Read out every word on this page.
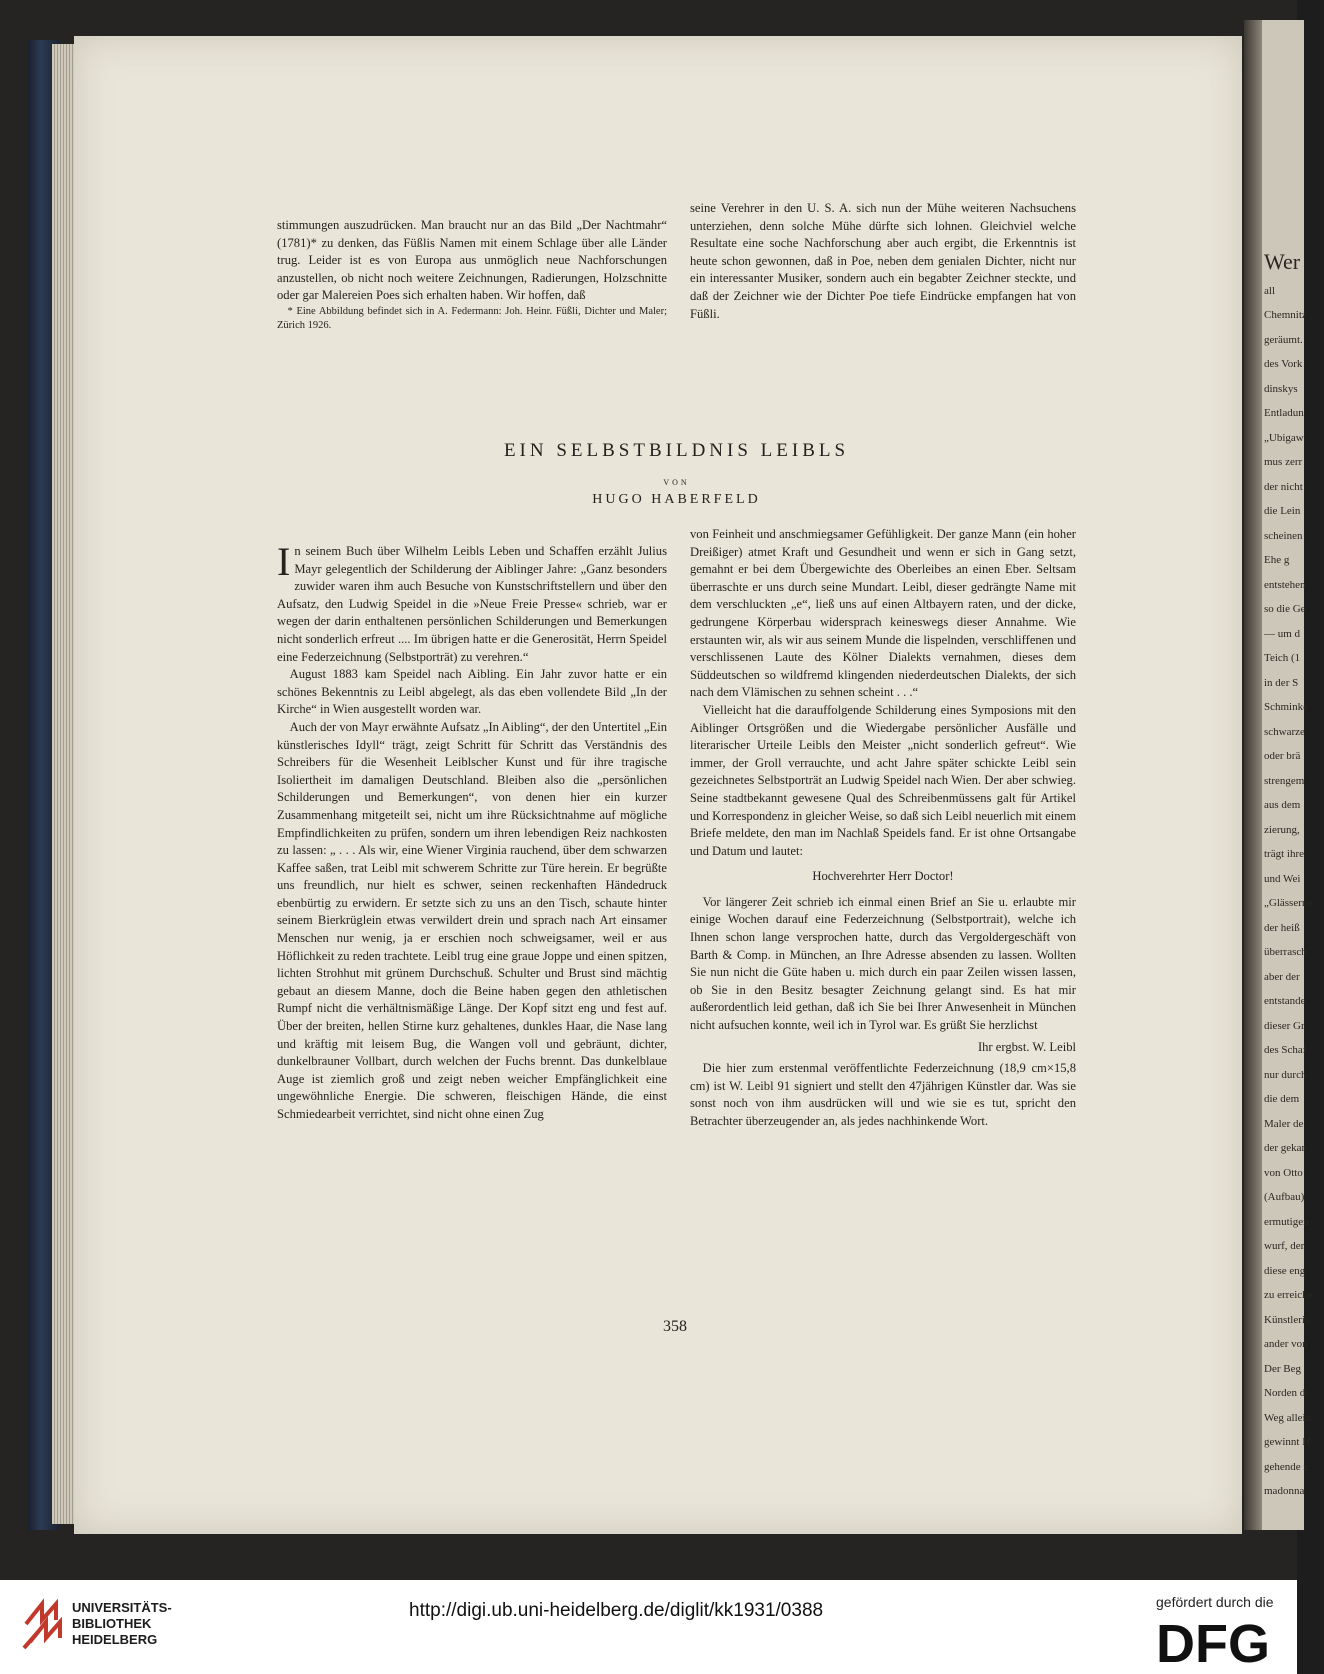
Wer
all
Chemnitz
geräumt.
des Vork
dinskys
Entladun
„Ubigaw
mus zerr
der nicht
die Lein
scheinen
Ehe g
entstehen
so die Ge
— um d
Teich (1
in der S
Schminke
schwarze
oder brä
strengem
aus dem
zierung,
trägt ihre
und Wei
„Glässerne
der heiß
überrasch
aber der
entstande
dieser Gr
des Schaf
nur durch
die dem
Maler de
der gekan
von Otto
(Aufbau)
ermutigen
wurf, der
diese eng
zu erreiche
Künstleris
ander von
Der Beg
Norden di
Weg allein
gewinnt H
gehende z
madonna

stimmungen auszudrücken. Man braucht nur an das Bild „Der Nachtmahr“ (1781)* zu denken, das Füßlis Namen mit einem Schlage über alle Länder trug. Leider ist es von Europa aus unmöglich neue Nachforschungen anzustellen, ob nicht noch weitere Zeichnungen, Radierungen, Holzschnitte oder gar Malereien Poes sich erhalten haben. Wir hoffen, daß

* Eine Abbildung befindet sich in A. Federmann: Joh. Heinr. Füßli, Dichter und Maler; Zürich 1926.

seine Verehrer in den U. S. A. sich nun der Mühe weiteren Nachsuchens unterziehen, denn solche Mühe dürfte sich lohnen. Gleichviel welche Resultate eine soche Nachforschung aber auch ergibt, die Erkenntnis ist heute schon gewonnen, daß in Poe, neben dem genialen Dichter, nicht nur ein interessanter Musiker, sondern auch ein begabter Zeichner steckte, und daß der Zeichner wie der Dichter Poe tiefe Eindrücke empfangen hat von Füßli.

EIN SELBSTBILDNIS LEIBLS
VON
HUGO HABERFELD

In seinem Buch über Wilhelm Leibls Leben und Schaffen erzählt Julius Mayr gelegentlich der Schilderung der Aiblinger Jahre: „Ganz besonders zuwider waren ihm auch Besuche von Kunstschriftstellern und über den Aufsatz, den Ludwig Speidel in die »Neue Freie Presse« schrieb, war er wegen der darin enthaltenen persönlichen Schilderungen und Bemerkungen nicht sonderlich erfreut .... Im übrigen hatte er die Generosität, Herrn Speidel eine Federzeichnung (Selbstporträt) zu verehren.“

August 1883 kam Speidel nach Aibling. Ein Jahr zuvor hatte er ein schönes Bekenntnis zu Leibl abgelegt, als das eben vollendete Bild „In der Kirche“ in Wien ausgestellt worden war.

Auch der von Mayr erwähnte Aufsatz „In Aibling“, der den Untertitel „Ein künstlerisches Idyll“ trägt, zeigt Schritt für Schritt das Verständnis des Schreibers für die Wesenheit Leiblscher Kunst und für ihre tragische Isoliertheit im damaligen Deutschland. Bleiben also die „persönlichen Schilderungen und Bemerkungen“, von denen hier ein kurzer Zusammenhang mitgeteilt sei, nicht um ihre Rücksichtnahme auf mögliche Empfindlichkeiten zu prüfen, sondern um ihren lebendigen Reiz nachkosten zu lassen: „ . . . Als wir, eine Wiener Virginia rauchend, über dem schwarzen Kaffee saßen, trat Leibl mit schwerem Schritte zur Türe herein. Er begrüßte uns freundlich, nur hielt es schwer, seinen reckenhaften Händedruck ebenbürtig zu erwidern. Er setzte sich zu uns an den Tisch, schaute hinter seinem Bierkrüglein etwas verwildert drein und sprach nach Art einsamer Menschen nur wenig, ja er erschien noch schweigsamer, weil er aus Höflichkeit zu reden trachtete. Leibl trug eine graue Joppe und einen spitzen, lichten Strohhut mit grünem Durchschuß. Schulter und Brust sind mächtig gebaut an diesem Manne, doch die Beine haben gegen den athletischen Rumpf nicht die verhältnismäßige Länge. Der Kopf sitzt eng und fest auf. Über der breiten, hellen Stirne kurz gehaltenes, dunkles Haar, die Nase lang und kräftig mit leisem Bug, die Wangen voll und gebräunt, dichter, dunkelbrauner Vollbart, durch welchen der Fuchs brennt. Das dunkelblaue Auge ist ziemlich groß und zeigt neben weicher Empfänglichkeit eine ungewöhnliche Energie. Die schweren, fleischigen Hände, die einst Schmiedearbeit verrichtet, sind nicht ohne einen Zug

von Feinheit und anschmiegsamer Gefühligkeit. Der ganze Mann (ein hoher Dreißiger) atmet Kraft und Gesundheit und wenn er sich in Gang setzt, gemahnt er bei dem Übergewichte des Oberleibes an einen Eber. Seltsam überraschte er uns durch seine Mundart. Leibl, dieser gedrängte Name mit dem verschluckten „e“, ließ uns auf einen Altbayern raten, und der dicke, gedrungene Körperbau widersprach keineswegs dieser Annahme. Wie erstaunten wir, als wir aus seinem Munde die lispelnden, verschliffenen und verschlissenen Laute des Kölner Dialekts vernahmen, dieses dem Süddeutschen so wildfremd klingenden niederdeutschen Dialekts, der sich nach dem Vlämischen zu sehnen scheint . . .“

Vielleicht hat die darauffolgende Schilderung eines Symposions mit den Aiblinger Ortsgrößen und die Wiedergabe persönlicher Ausfälle und literarischer Urteile Leibls den Meister „nicht sonderlich gefreut“. Wie immer, der Groll verrauchte, und acht Jahre später schickte Leibl sein gezeichnetes Selbstporträt an Ludwig Speidel nach Wien. Der aber schwieg. Seine stadtbekannt gewesene Qual des Schreibenmüssens galt für Artikel und Korrespondenz in gleicher Weise, so daß sich Leibl neuerlich mit einem Briefe meldete, den man im Nachlaß Speidels fand. Er ist ohne Ortsangabe und Datum und lautet:

Hochverehrter Herr Doctor!

Vor längerer Zeit schrieb ich einmal einen Brief an Sie u. erlaubte mir einige Wochen darauf eine Federzeichnung (Selbstportrait), welche ich Ihnen schon lange versprochen hatte, durch das Vergoldergeschäft von Barth & Comp. in München, an Ihre Adresse absenden zu lassen. Wollten Sie nun nicht die Güte haben u. mich durch ein paar Zeilen wissen lassen, ob Sie in den Besitz besagter Zeichnung gelangt sind. Es hat mir außerordentlich leid gethan, daß ich Sie bei Ihrer Anwesenheit in München nicht aufsuchen konnte, weil ich in Tyrol war. Es grüßt Sie herzlichst

Ihr ergbst. W. Leibl

Die hier zum erstenmal veröffentlichte Federzeichnung (18,9 cm×15,8 cm) ist W. Leibl 91 signiert und stellt den 47jährigen Künstler dar. Was sie sonst noch von ihm ausdrücken will und wie sie es tut, spricht den Betrachter überzeugender an, als jedes nachhinkende Wort.

358
UNIVERSITÄTS-
BIBLIOTHEK
HEIDELBERG
http://digi.ub.uni-heidelberg.de/diglit/kk1931/0388	gefördert durch die
DFG
